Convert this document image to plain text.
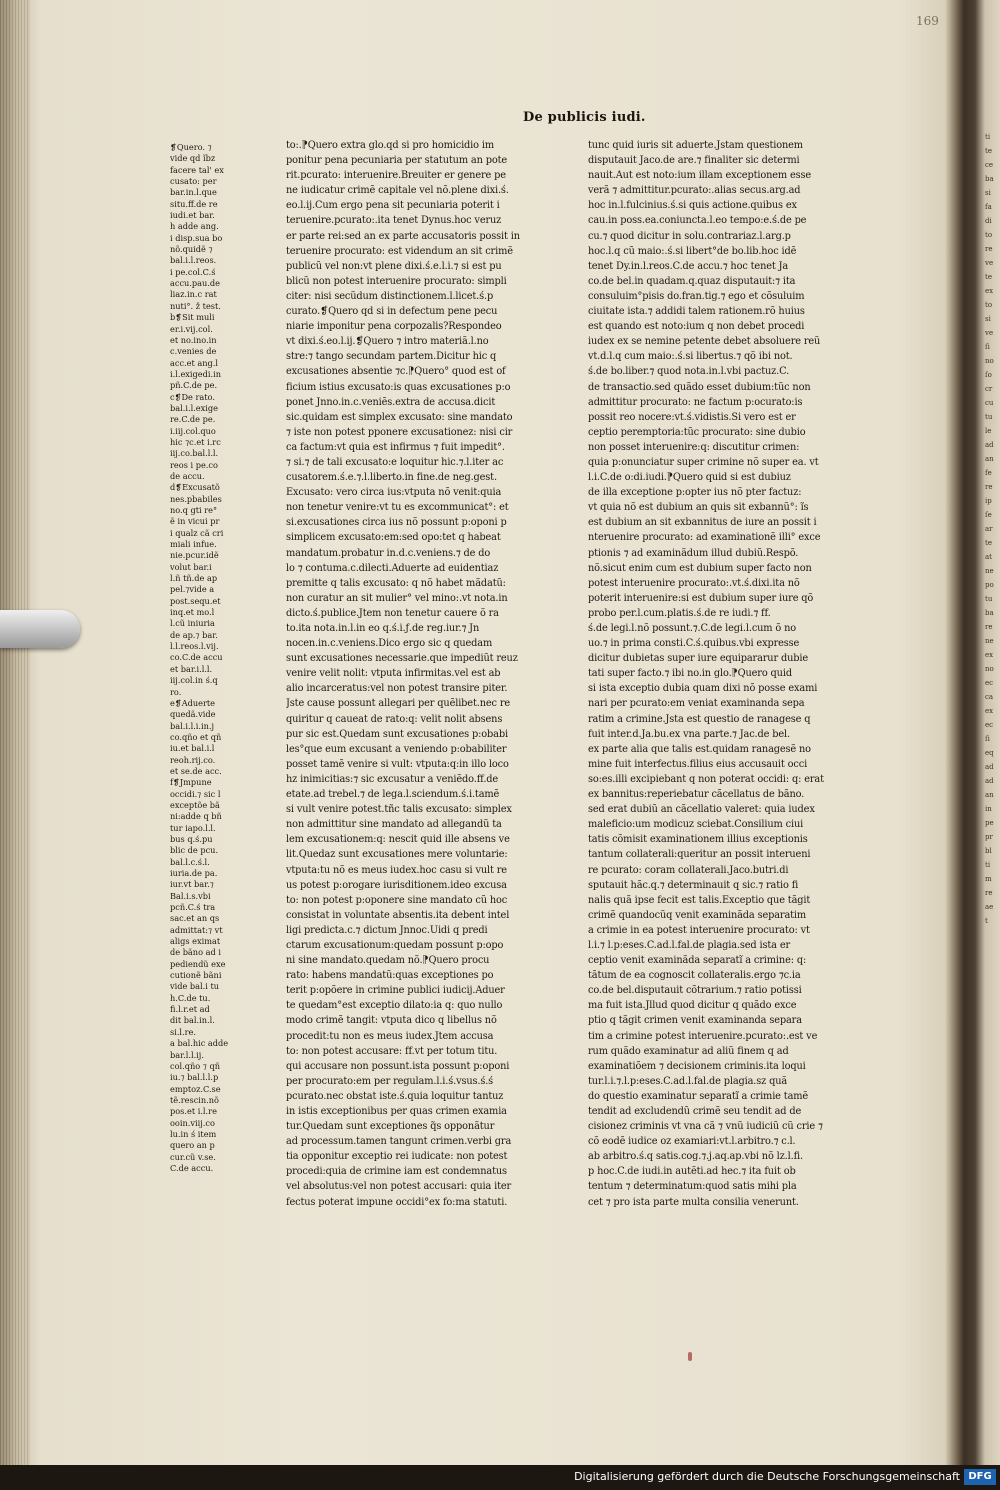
169
De publicis iudi.
❡Quero. ⁊
vide qd ĩbz
facere tal' ex
cusato: per
bar.in.l.que
situ.ff.de re
iudi.et bar.
h adde ang.
i disp.sua bo
nõ.quidẽ ⁊
bal.i.l.reos.
i pe.col.C.ś
accu.pau.de
liaz.in.c rat
nuti°. ž test.
b❡Sit muli
er.i.vij.col.
et no.ino.in
c.venies de
acc.et ang.l
i.l.exigedi.in
pñ.C.de pe.
c❡De rato.
bal.i.l.exige
re.C.de pe.
i.iij.col.quo
hic ⁊c.et i.rc
iij.co.bal.l.l.
reos i pe.co
de accu.
d❡Excusatõ
nes.pbabiles
no.q gti re°
ẽ in vicui pr
i qualz cã cri
miali infue.
nie.pcur.idẽ
volut bar.i
l.ñ tñ.de ap
pel.⁊vide a
post.sequ.et
inq.et mo.l
l.cũ iniuria
de ap.⁊ bar.
l.l.reos.l.vij.
co.C.de accu
et bar.i.l.l.
iij.col.in ś.q
ro.
e❡Aduerte
quedã.vide
bal.i.l.i.in.j
co.qño et qñ
iu.et bal.i.l
reoh.rij.co.
et se.de acc.
f❡Jmpune
occidi.⁊ sic l
exceptõe bã
ni:adde q bñ
tur iapo.l.l.
bus q.ś.pu
blic de pcu.
bal.l.c.ś.l.
iuria.de pa.
iur.vt bar.⁊
Bal.i.s.vbi
pcñ.C.ś tra
sac.et an qs
admittat:⁊ vt
aligs eximat
de bãno ad i
pediendũ exe
cutionẽ bãni
vide bal.i tu
h.C.de tu.
fi.l.r.et ad
dit bal.in.l.
si.l.re.
a bal.hic adde
bar.l.l.ij.
col.qño ⁊ qñ
iu.⁊ bal.l.l.p
emptoz.C.se
tẽ.rescin.nõ
pos.et i.l.re
ooin.viij.co
lu.in ś item
quero an p
cur.cũ v.se.
C.de accu.
to:.⁋Quero extra glo.qd si pro homicidio im
ponitur pena pecuniaria per statutum an pote
rit.pcurato: interuenire.Breuiter er genere pe
ne iudicatur crimẽ capitale vel nõ.plene dixi.ś.
eo.l.ij.Cum ergo pena sit pecuniaria poterit i
teruenire.pcurato:.ita tenet Dynus.hoc veruz
er parte rei:sed an ex parte accusatoris possit in
teruenire procurato: est videndum an sit crimẽ
publicũ vel non:vt plene dixi.ś.e.l.i.⁊ si est pu
blicũ non potest interuenire procurato: simpli
citer: nisi secũdum distinctionem.l.licet.ś.p
curato.❡Quero qd si in defectum pene pecu
niarie imponitur pena corpozalis?Respondeo
vt dixi.ś.eo.l.ij.❡Quero ⁊ intro materiã.l.no
stre:⁊ tango secundam partem.Dicitur hic q
excusationes absentie ⁊c.⁋Quero° quod est of
ficium istius excusato:is quas excusationes p:o
ponet Jnno.in.c.veniẽs.extra de accusa.dicit
sic.quidam est simplex excusato: sine mandato
⁊ iste non potest pponere excusationez: nisi cir
ca factum:vt quia est infirmus ⁊ fuit impedit°.
⁊ si.⁊ de tali excusato:e loquitur hic.⁊.l.iter ac
cusatorem.ś.e.⁊.l.liberto.in fine.de neg.gest.
Excusato: vero circa ius:vtputa nõ venit:quia
non tenetur venire:vt tu es excommunicat°: et
si.excusationes circa ius nõ possunt p:oponi p
simplicem excusato:em:sed opo:tet q habeat
mandatum.probatur in.d.c.veniens.⁊ de do
lo ⁊ contuma.c.dilecti.Aduerte ad euidentiaz
premitte q talis excusato: q nõ habet mãdatũ:
non curatur an sit mulier° vel mino:.vt nota.in
dicto.ś.publice.Jtem non tenetur cauere õ ra
to.ita nota.in.l.in eo q.ś.i.ƒ.de reg.iur.⁊ Jn
nocen.in.c.veniens.Dico ergo sic q quedam
sunt excusationes necessarie.que impediũt reuz
venire velit nolit: vtputa infirmitas.vel est ab
alio incarceratus:vel non potest transire piter.
Jste cause possunt allegari per quẽlibet.nec re
quiritur q caueat de rato:q: velit nolit absens
pur sic est.Quedam sunt excusationes p:obabi
les°que eum excusant a veniendo p:obabiliter
posset tamẽ venire si vult: vtputa:q:in illo loco
hz inimicitias:⁊ sic excusatur a veniẽdo.ff.de
etate.ad trebel.⁊ de lega.l.sciendum.ś.i.tamẽ
si vult venire potest.tñc talis excusato: simplex
non admittitur sine mandato ad allegandũ ta
lem excusationem:q: nescit quid ille absens ve
lit.Quedaz sunt excusationes mere voluntarie:
vtputa:tu nõ es meus iudex.hoc casu si vult re
us potest p:orogare iurisditionem.ideo excusa
to: non potest p:oponere sine mandato cũ hoc
consistat in voluntate absentis.ita debent intel
ligi predicta.c.⁊ dictum Jnnoc.Uidi q predi
ctarum excusationum:quedam possunt p:opo
ni sine mandato.quedam nõ.⁋Quero procu
rato: habens mandatũ:quas exceptiones po
terit p:opõere in crimine publici iudicij.Aduer
te quedam°est exceptio dilato:ia q: quo nullo
modo crimẽ tangit: vtputa dico q libellus nõ
procedit:tu non es meus iudex.Jtem accusa
to: non potest accusare: ff.vt per totum titu.
qui accusare non possunt.ista possunt p:oponi
per procurato:em per regulam.l.i.ś.vsus.ś.ś
pcurato.nec obstat iste.ś.quia loquitur tantuz
in istis exceptionibus per quas crimen examia
tur.Quedam sunt exceptiones q̃s opponãtur
ad processum.tamen tangunt crimen.verbi gra
tia opponitur exceptio rei iudicate: non potest
procedi:quia de crimine iam est condemnatus
vel absolutus:vel non potest accusari: quia iter
fectus poterat impune occidi°ex fo:ma statuti.
tunc quid iuris sit aduerte.Jstam questionem
disputauit Jaco.de are.⁊ finaliter sic determi
nauit.Aut est noto:ium illam exceptionem esse
verã ⁊ admittitur.pcurato:.alias secus.arg.ad
hoc in.l.fulcinius.ś.si quis actione.quibus ex
cau.in poss.ea.coniuncta.l.eo tempo:e.ś.de pe
cu.⁊ quod dicitur in solu.contrariaz.l.arg.p
hoc.l.q cũ maio:.ś.si libert°de bo.lib.hoc idẽ
tenet Dy.in.l.reos.C.de accu.⁊ hoc tenet Ja
co.de bel.in quadam.q.quaz disputauit:⁊ ita
consuluim°pisis do.fran.tig.⁊ ego et cõsuluim
ciuitate ista.⁊ addidi talem rationem.rõ huius
est quando est noto:ium q non debet procedi
iudex ex se nemine petente debet absoluere reũ
vt.d.l.q cum maio:.ś.si libertus.⁊ qõ ibi not.
ś.de bo.liber.⁊ quod nota.in.l.vbi pactuz.C.
de transactio.sed quãdo esset dubium:tũc non
admittitur procurato: ne factum p:ocurato:is
possit reo nocere:vt.ś.vidistis.Si vero est er
ceptio peremptoria:tũc procurato: sine dubio
non posset interuenire:q: discutitur crimen:
quia p:onunciatur super crimine nõ super ea. vt
l.i.C.de o:di.iudi.⁋Quero quid si est dubiuz
de illa exceptione p:opter ius nõ pter factuz:
vt quia nõ est dubium an quis sit exbannũ°: ĩs
est dubium an sit exbannitus de iure an possit i
nteruenire procurato: ad examinationẽ illi° exce
ptionis ⁊ ad examinãdum illud dubiũ.Respõ.
nõ.sicut enim cum est dubium super facto non
potest interuenire procurato:.vt.ś.dixi.ita nõ
poterit interuenire:si est dubium super iure qõ
probo per.l.cum.platis.ś.de re iudi.⁊ ff.
ś.de legi.l.nõ possunt.⁊.C.de legi.l.cum õ no
uo.⁊ in prima consti.C.ś.quibus.vbi expresse
dicitur dubietas super iure equipararur dubie
tati super facto.⁊ ibi no.in glo.⁋Quero quid
si ista exceptio dubia quam dixi nõ posse exami
nari per pcurato:em veniat examinanda sepa
ratim a crimine.Jsta est questio de ranagese q
fuit inter.d.Ja.bu.ex vna parte.⁊ Jac.de bel.
ex parte alia que talis est.quidam ranagesẽ no
mine fuit interfectus.filius eius accusauit occi
so:es.illi excipiebant q non poterat occidi: q: erat
ex bannitus:reperiebatur cãcellatus de bãno.
sed erat dubiũ an cãcellatio valeret: quia iudex
maleficio:um modicuz sciebat.Consilium ciui
tatis cõmisit examinationem illius exceptionis
tantum collaterali:queritur an possit interueni
re pcurato: coram collaterali.Jaco.butri.di
sputauit hãc.q.⁊ determinauit q sic.⁊ ratio fi
nalis quã ipse fecit est talis.Exceptio que tãgit
crimẽ quandocũq venit examinãda separatim
a crimie in ea potest interuenire procurato: vt
l.i.⁊ l.p:eses.C.ad.l.fal.de plagia.sed ista er
ceptio venit examinãda separatĩ a crimine: q:
tãtum de ea cognoscit collateralis.ergo ⁊c.ia
co.de bel.disputauit cõtrarium.⁊ ratio potissi
ma fuit ista.Jllud quod dicitur q quãdo exce
ptio q tãgit crimen venit examinanda separa
tim a crimine potest interuenire.pcurato:.est ve
rum quãdo examinatur ad aliũ finem q ad
examinatiõem ⁊ decisionem criminis.ita loqui
tur.l.i.⁊.l.p:eses.C.ad.l.fal.de plagia.sz quã
do questio examinatur separatĩ a crimie tamẽ
tendit ad excludendũ crimẽ seu tendit ad de
cisionez criminis vt vna cã ⁊ vnũ iudiciũ cũ crie ⁊
cõ eodẽ iudice oz examiari:vt.l.arbitro.⁊ c.l.
ab arbitro.ś.q satis.cog.⁊.j.aq.ap.vbi nõ lz.l.fi.
p hoc.C.de iudi.in autẽti.ad hec.⁊ ita fuit ob
tentum ⁊ determinatum:quod satis mihi pla
cet ⁊ pro ista parte multa consilia venerunt.
ti
te
ce
ba
si
fa
di
to
re
ve
te
ex
to
si
ve
ſi
no
ſo
cr
cu
tu
le
ad
an
fe
re
ip
ſe
ar
te
at
ne
po
tu
ba
re
ne
ex
no
ec
ca
ex
ec
ſi
eq
ad
ad
an
in
pe
pr
bl
ti
m
re
ae
t
Digitalisierung gefördert durch die Deutsche Forschungsgemeinschaft DFG
